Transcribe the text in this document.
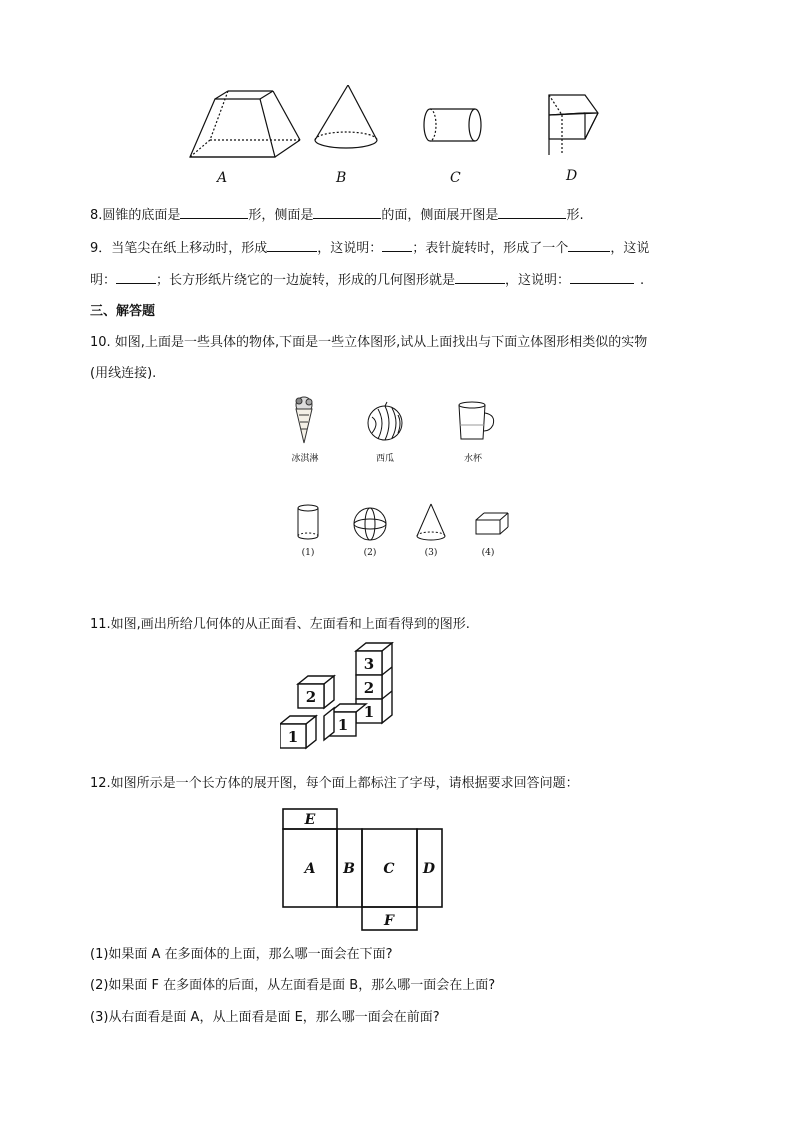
A	B	C	D
8.圆锥的底面是	形，侧面是	的面，侧面展开图是	形.
9．当笔尖在纸上移动时，形成	，这说明： ；表针旋转时，形成了一个	，这说
明：	；长方形纸片绕它的一边旋转，形成的几何图形就是	，这说明：	.
三、解答题
10. 如图,上面是一些具体的物体,下面是一些立体图形,试从上面找出与下面立体图形相类似的实物
(用线连接).
冰淇淋	西瓜	水杯
(1)	(2)	(3)	(4)
11.如图,画出所给几何体的从正面看、左面看和上面看得到的图形.
1
2
1
1
2
3
12.如图所示是一个长方体的展开图，每个面上都标注了字母，请根据要求回答问题：
E
A B C D
F
(1)如果面 A 在多面体的上面，那么哪一面会在下面?
(2)如果面 F 在多面体的后面，从左面看是面 B，那么哪一面会在上面?
(3)从右面看是面 A，从上面看是面 E，那么哪一面会在前面?
